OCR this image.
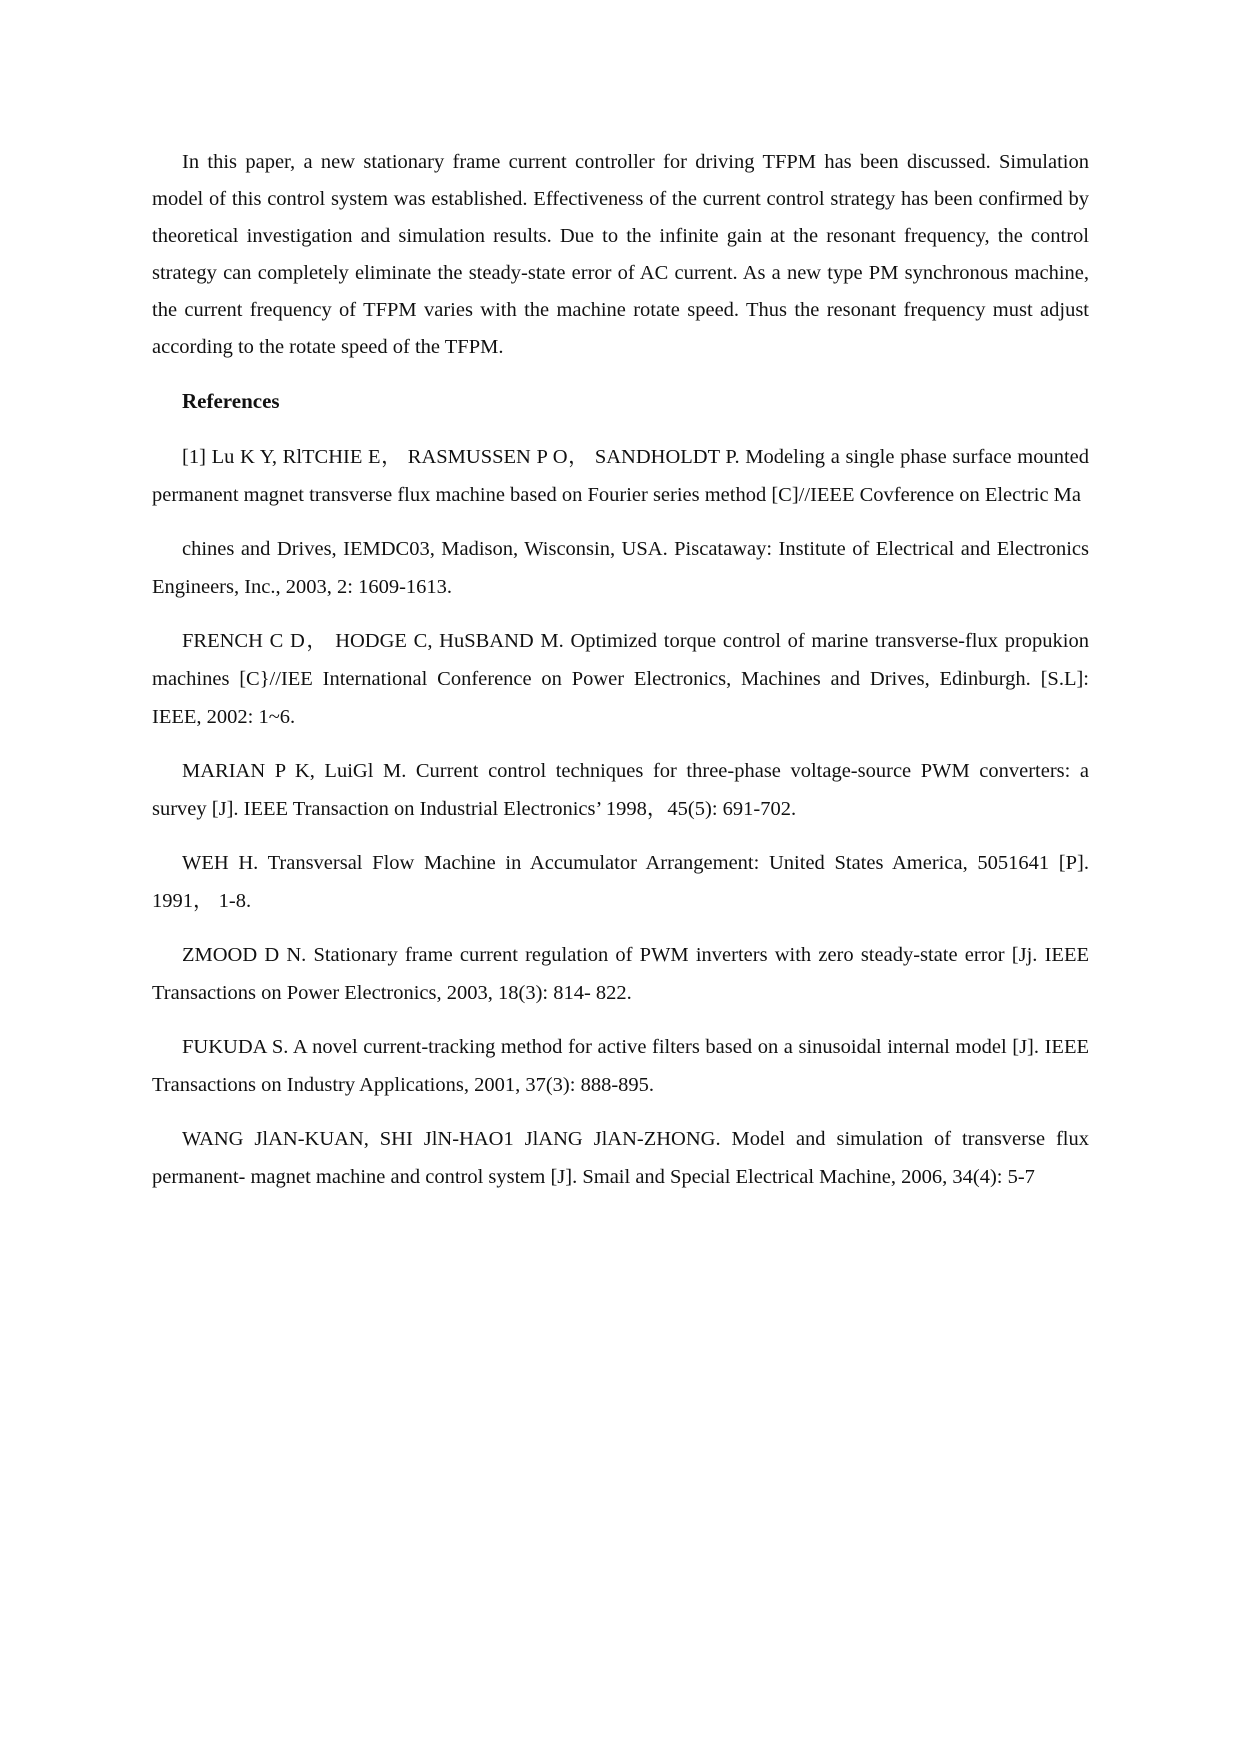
In this paper, a new stationary frame current controller for driving TFPM has been discussed. Simulation model of this control system was established. Effectiveness of the current control strategy has been confirmed by theoretical investigation and simulation results. Due to the infinite gain at the resonant frequency, the control strategy can completely eliminate the steady-state error of AC current. As a new type PM synchronous machine, the current frequency of TFPM varies with the machine rotate speed. Thus the resonant frequency must adjust according to the rotate speed of the TFPM.

References

[1] Lu K Y, RlTCHIE E， RASMUSSEN P O， SANDHOLDT P. Modeling a single phase surface mounted permanent magnet transverse flux machine based on Fourier series method [C]//IEEE Covference on Electric Ma

chines and Drives, IEMDC03, Madison, Wisconsin, USA. Piscataway: Institute of Electrical and Electronics Engineers, Inc., 2003, 2: 1609-1613.

FRENCH C D， HODGE C, HuSBAND M. Optimized torque control of marine transverse-flux propukion machines [C}//IEE International Conference on Power Electronics, Machines and Drives, Edinburgh. [S.L]: IEEE, 2002: 1~6.

MARIAN P K, LuiGl M. Current control techniques for three-phase voltage-source PWM converters: a survey [J]. IEEE Transaction on Industrial Electronics’ 1998，45(5): 691-702.

WEH H. Transversal Flow Machine in Accumulator Arrangement: United States America, 5051641 [P]. 1991， 1-8.

ZMOOD D N. Stationary frame current regulation of PWM inverters with zero steady-state error [Jj. IEEE Transactions on Power Electronics, 2003, 18(3): 814- 822.

FUKUDA S. A novel current-tracking method for active filters based on a sinusoidal internal model [J]. IEEE Transactions on Industry Applications, 2001, 37(3): 888-895.

WANG JlAN-KUAN, SHI JlN-HAO1 JlANG JlAN-ZHONG. Model and simulation of transverse flux permanent- magnet machine and control system [J]. Smail and Special Electrical Machine, 2006, 34(4): 5-7
